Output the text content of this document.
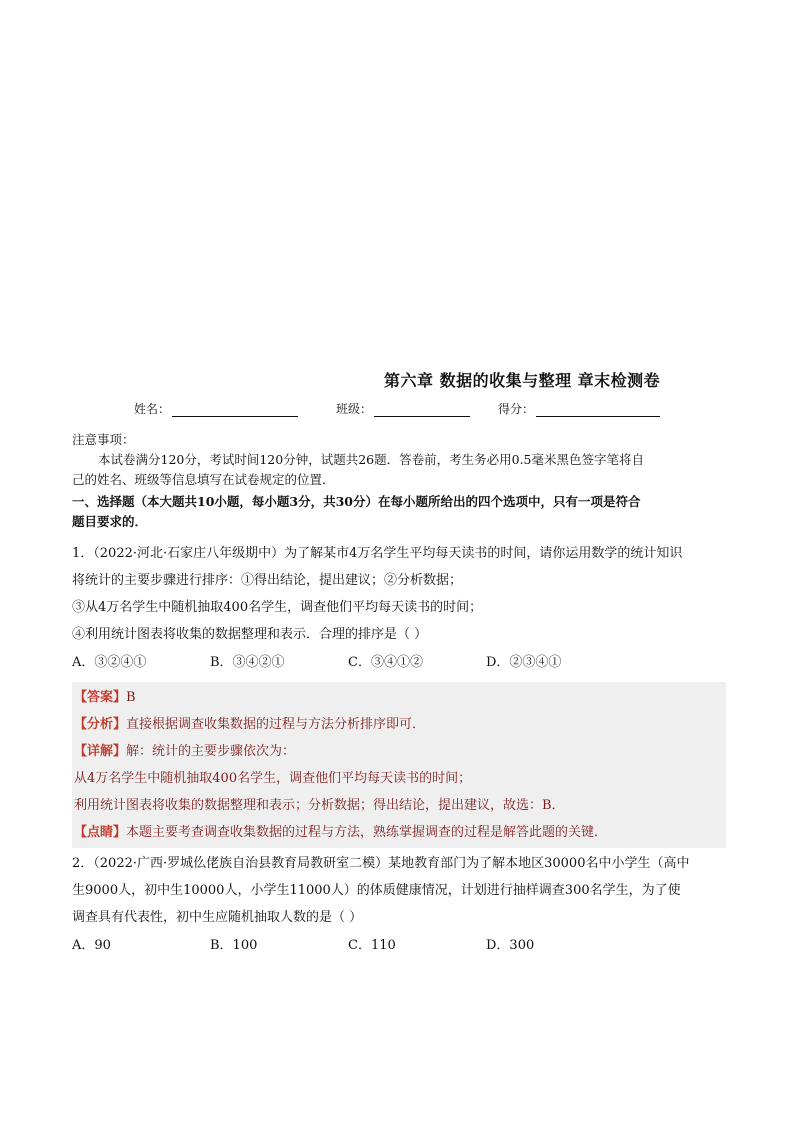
第六章 数据的收集与整理 章末检测卷
姓名：	班级：	得分：

注意事项：

本试卷满分120分，考试时间120分钟，试题共26题．答卷前，考生务必用0.5毫米黑色签字笔将自

己的姓名、班级等信息填写在试卷规定的位置．

一、选择题（本大题共10小题，每小题3分，共30分）在每小题所给出的四个选项中，只有一项是符合

题目要求的．

1．（2022·河北·石家庄八年级期中）为了解某市4万名学生平均每天读书的时间，请你运用数学的统计知识

将统计的主要步骤进行排序：①得出结论，提出建议；②分析数据；

③从4万名学生中随机抽取400名学生，调查他们平均每天读书的时间；

④利用统计图表将收集的数据整理和表示．合理的排序是（ ）

A．③②④①	B．③④②①	C．③④①②	D．②③④①

【答案】B

【分析】直接根据调查收集数据的过程与方法分析排序即可．

【详解】解：统计的主要步骤依次为：

从4万名学生中随机抽取400名学生，调查他们平均每天读书的时间；

利用统计图表将收集的数据整理和表示；分析数据；得出结论，提出建议，故选：B．

【点睛】本题主要考查调查收集数据的过程与方法，熟练掌握调查的过程是解答此题的关键．

2．（2022·广西·罗城仫佬族自治县教育局教研室二模）某地教育部门为了解本地区30000名中小学生（高中

生9000人，初中生10000人，小学生11000人）的体质健康情况，计划进行抽样调查300名学生，为了使

调查具有代表性，初中生应随机抽取人数的是（ ）

A．90	B．100	C．110	D．300
